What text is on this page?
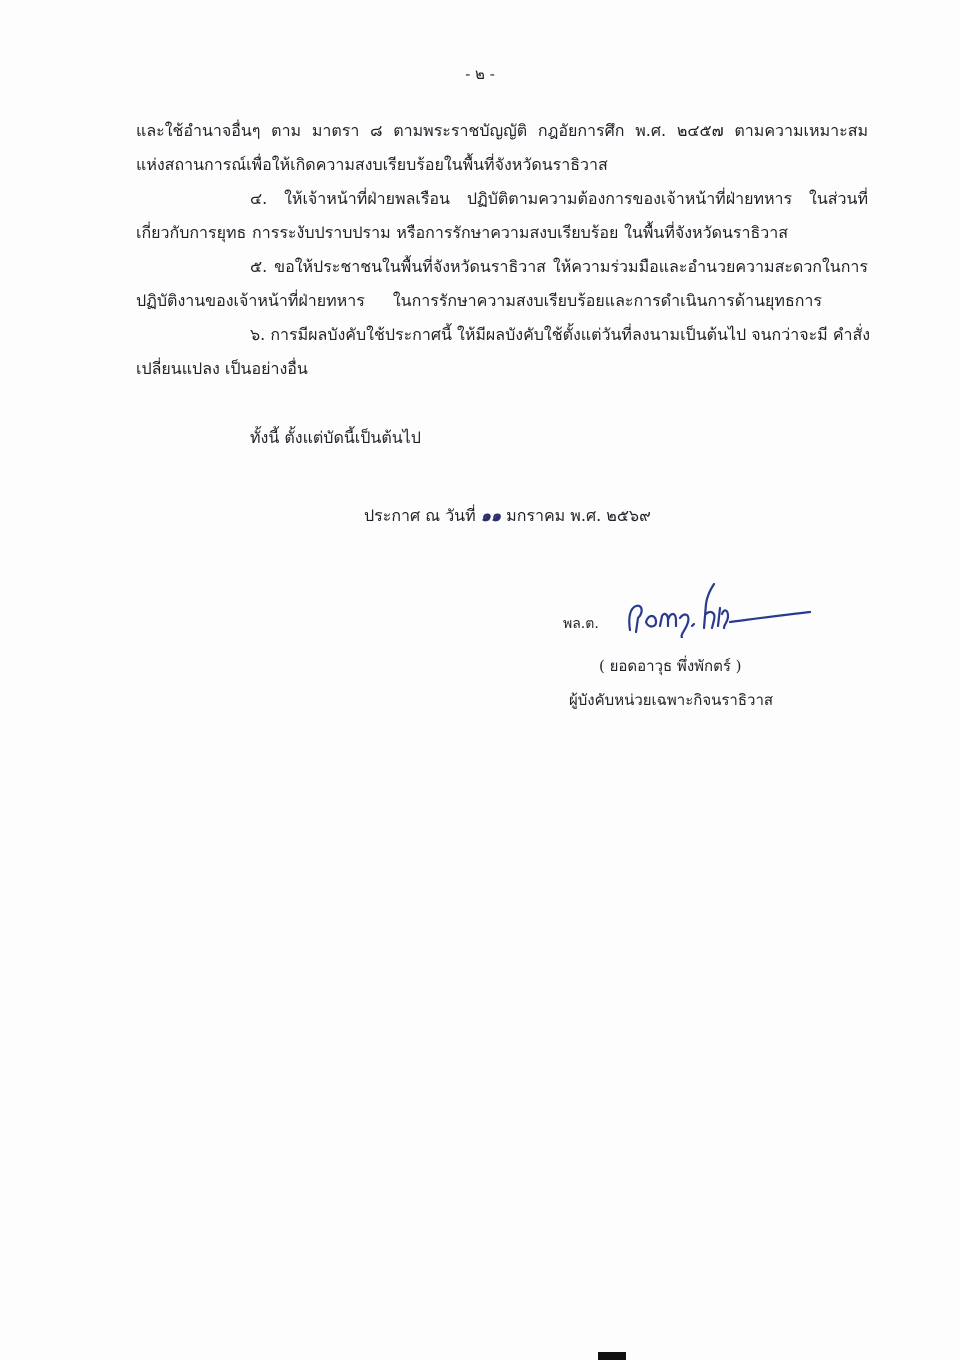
- ๒ -
และใช้อำนาจอื่นๆ ตาม มาตรา ๘ ตามพระราชบัญญัติ กฎอัยการศึก พ.ศ. ๒๔๕๗ ตามความเหมาะสม
แห่งสถานการณ์เพื่อให้เกิดความสงบเรียบร้อยในพื้นที่จังหวัดนราธิวาส
๔. ให้เจ้าหน้าที่ฝ่ายพลเรือน ปฏิบัติตามความต้องการของเจ้าหน้าที่ฝ่ายทหาร ในส่วนที่
เกี่ยวกับการยุทธ การระงับปราบปราม หรือการรักษาความสงบเรียบร้อย ในพื้นที่จังหวัดนราธิวาส
๕. ขอให้ประชาชนในพื้นที่จังหวัดนราธิวาส ให้ความร่วมมือและอำนวยความสะดวกในการ
ปฏิบัติงานของเจ้าหน้าที่ฝ่ายทหาร ในการรักษาความสงบเรียบร้อยและการดำเนินการด้านยุทธการ
๖. การมีผลบังคับใช้ประกาศนี้ ให้มีผลบังคับใช้ตั้งแต่วันที่ลงนามเป็นต้นไป จนกว่าจะมี คำสั่ง
เปลี่ยนแปลง เป็นอย่างอื่น
ทั้งนี้ ตั้งแต่บัดนี้เป็นต้นไป
ประกาศ ณ วันที่ ๑๑ มกราคม พ.ศ. ๒๕๖๙
พล.ต.
( ยอดอาวุธ พึ่งพักตร์ )
ผู้บังคับหน่วยเฉพาะกิจนราธิวาส
